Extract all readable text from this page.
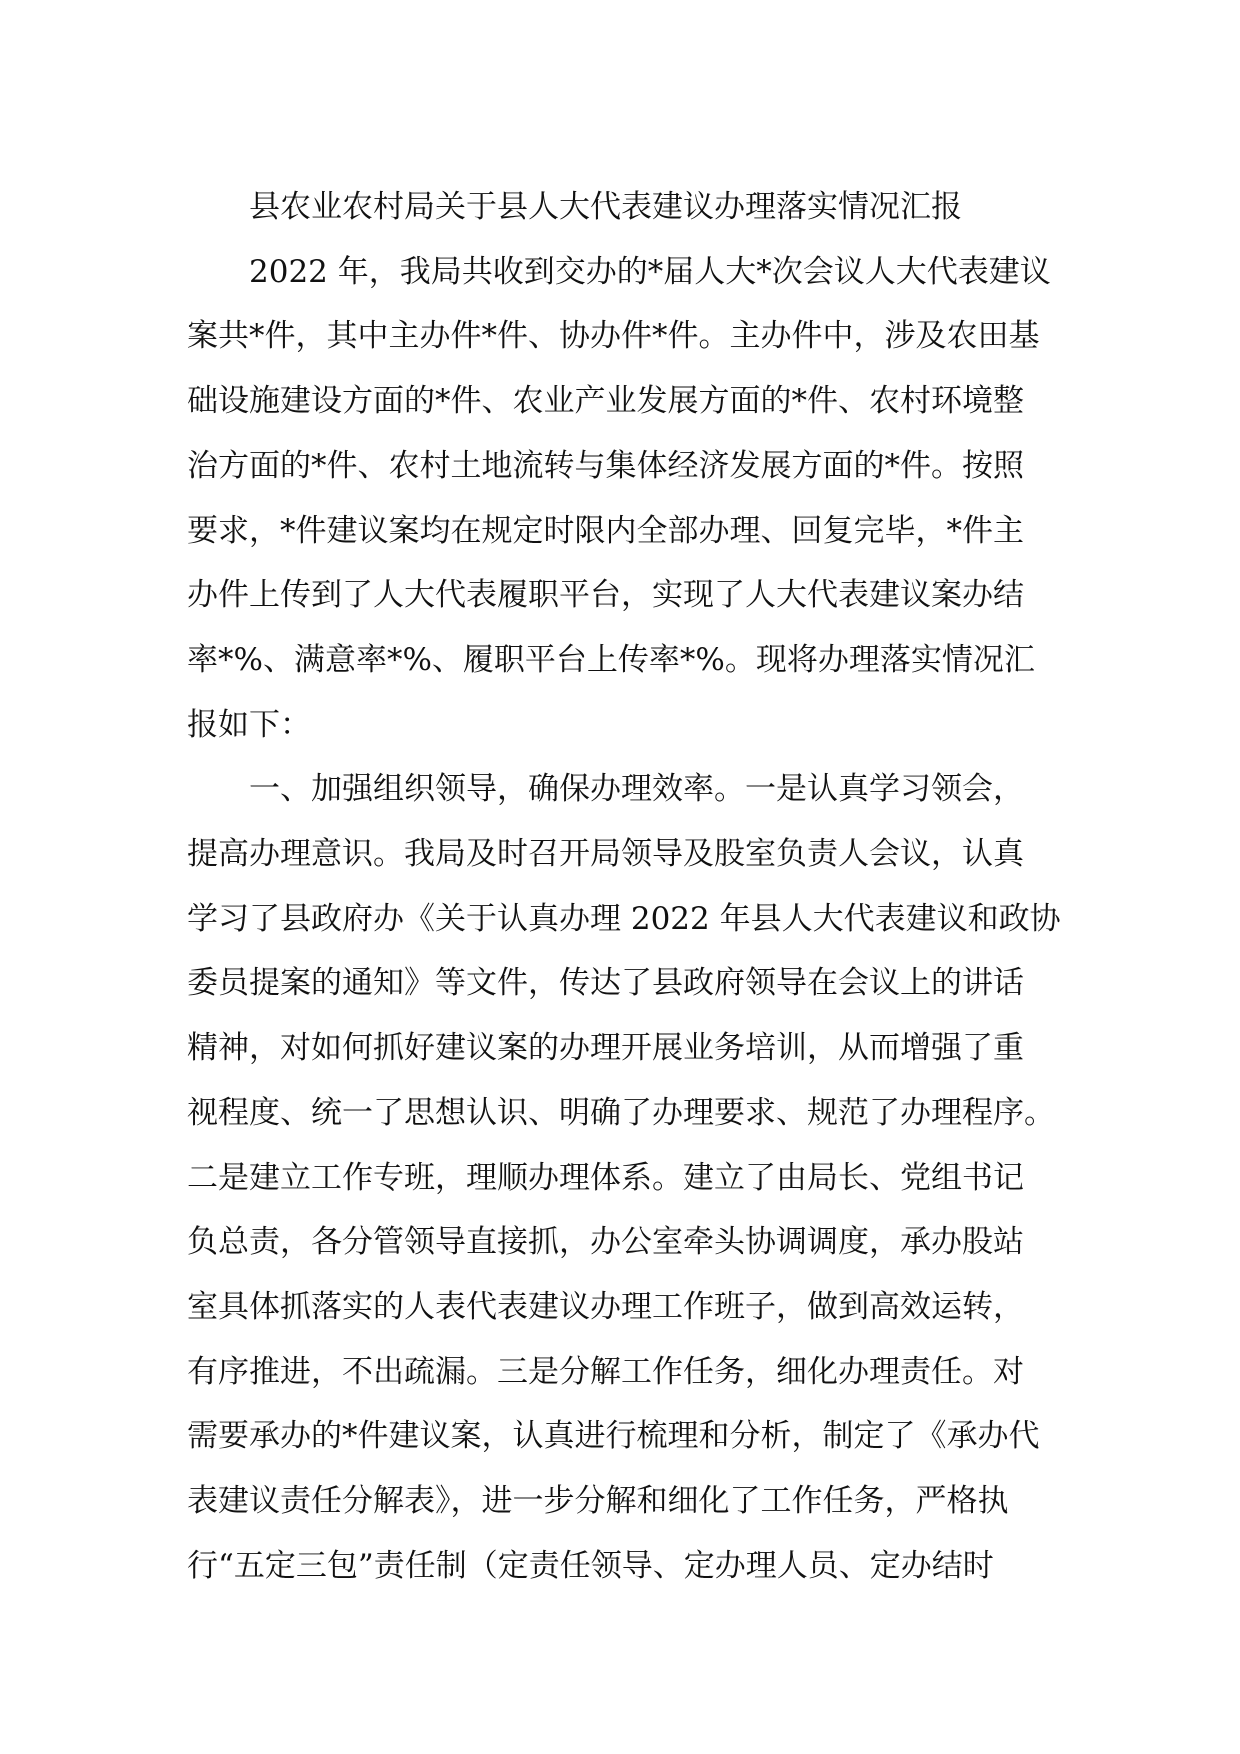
县农业农村局关于县人大代表建议办理落实情况汇报
2022 年，我局共收到交办的*届人大*次会议人大代表建议
案共*件，其中主办件*件、协办件*件。主办件中，涉及农田基
础设施建设方面的*件、农业产业发展方面的*件、农村环境整
治方面的*件、农村土地流转与集体经济发展方面的*件。按照
要求，*件建议案均在规定时限内全部办理、回复完毕，*件主
办件上传到了人大代表履职平台，实现了人大代表建议案办结
率*%、满意率*%、履职平台上传率*%。现将办理落实情况汇
报如下：
一、加强组织领导，确保办理效率。一是认真学习领会，
提高办理意识。我局及时召开局领导及股室负责人会议，认真
学习了县政府办《关于认真办理 2022 年县人大代表建议和政协
委员提案的通知》等文件，传达了县政府领导在会议上的讲话
精神，对如何抓好建议案的办理开展业务培训，从而增强了重
视程度、统一了思想认识、明确了办理要求、规范了办理程序。
二是建立工作专班，理顺办理体系。建立了由局长、党组书记
负总责，各分管领导直接抓，办公室牵头协调调度，承办股站
室具体抓落实的人表代表建议办理工作班子，做到高效运转，
有序推进，不出疏漏。三是分解工作任务，细化办理责任。对
需要承办的*件建议案，认真进行梳理和分析，制定了《承办代
表建议责任分解表》，进一步分解和细化了工作任务，严格执
行“五定三包”责任制（定责任领导、定办理人员、定办结时
